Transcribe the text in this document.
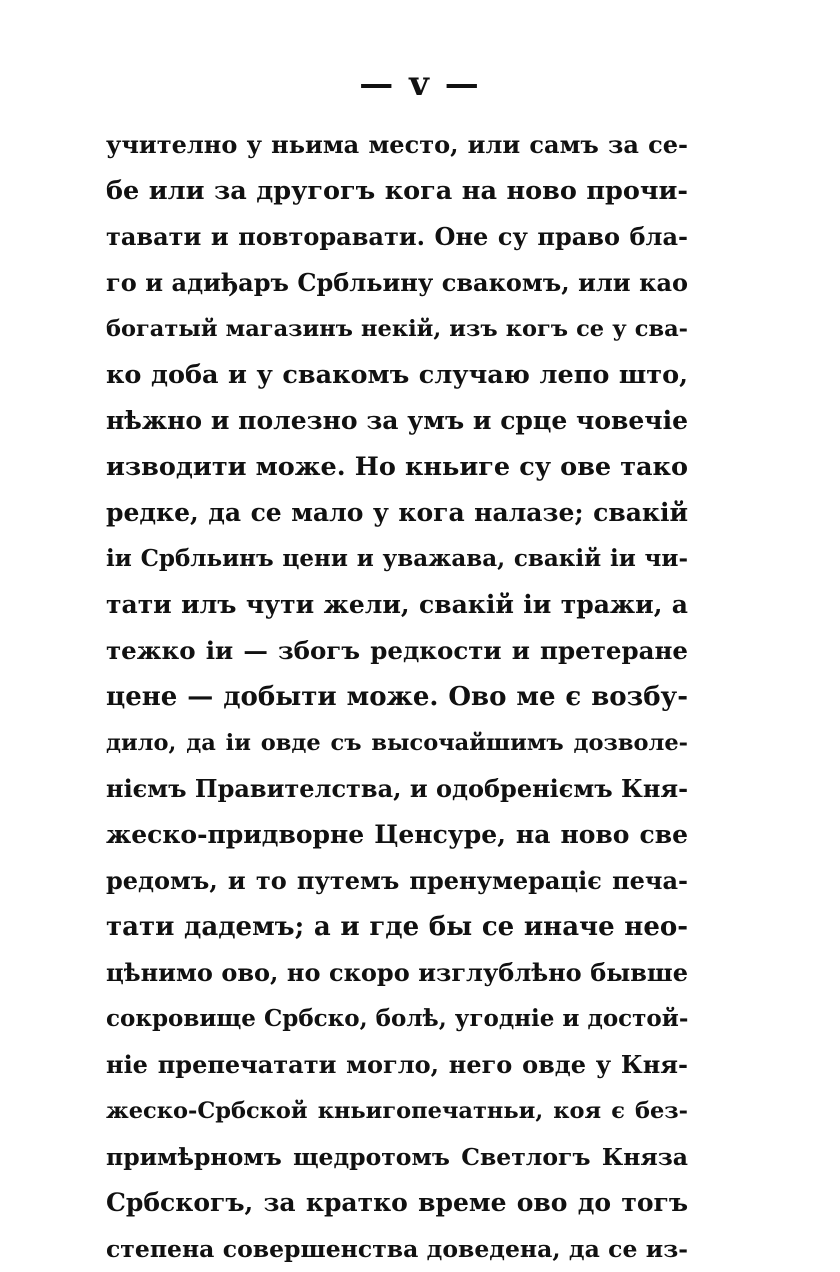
— v —
учително у ньима место, или самъ за се-
бе или за другогъ кога на ново прочи-
тавати и повторавати. Оне су право бла-
го и адиђаръ Србльину свакомъ, или као
богатый магазинъ некій, изъ когъ се у сва-
ко доба и у свакомъ случаю лепо што,
нѣжно и полезно за умъ и срце човечіе
изводити може. Но кньиге су ове тако
редке, да се мало у кога налазе; свакій
іи Србльинъ цени и уважава, свакій іи чи-
тати илъ чути жели, свакій іи тражи, а
тежко іи — збогъ редкости и претеране
цене — добыти може. Ово ме є возбу-
дило, да іи овде съ высочайшимъ дозволе-
ніємъ Правителства, и одобреніємъ Кня-
жеско-придворне Ценсуре, на ново све
редомъ, и то путемъ пренумераціє печа-
тати дадемъ; а и где бы се иначе нео-
цѣнимо ово, но скоро изглублѣно бывше
сокровище Србско, болѣ, угодніе и достой-
ніе препечатати могло, него овде у Кня-
жеско-Србской кньигопечатньи, коя є без-
примѣрномъ щедротомъ Светлогъ Княза
Србскогъ, за кратко време ово до тогъ
степена совершенства доведена, да се из-
